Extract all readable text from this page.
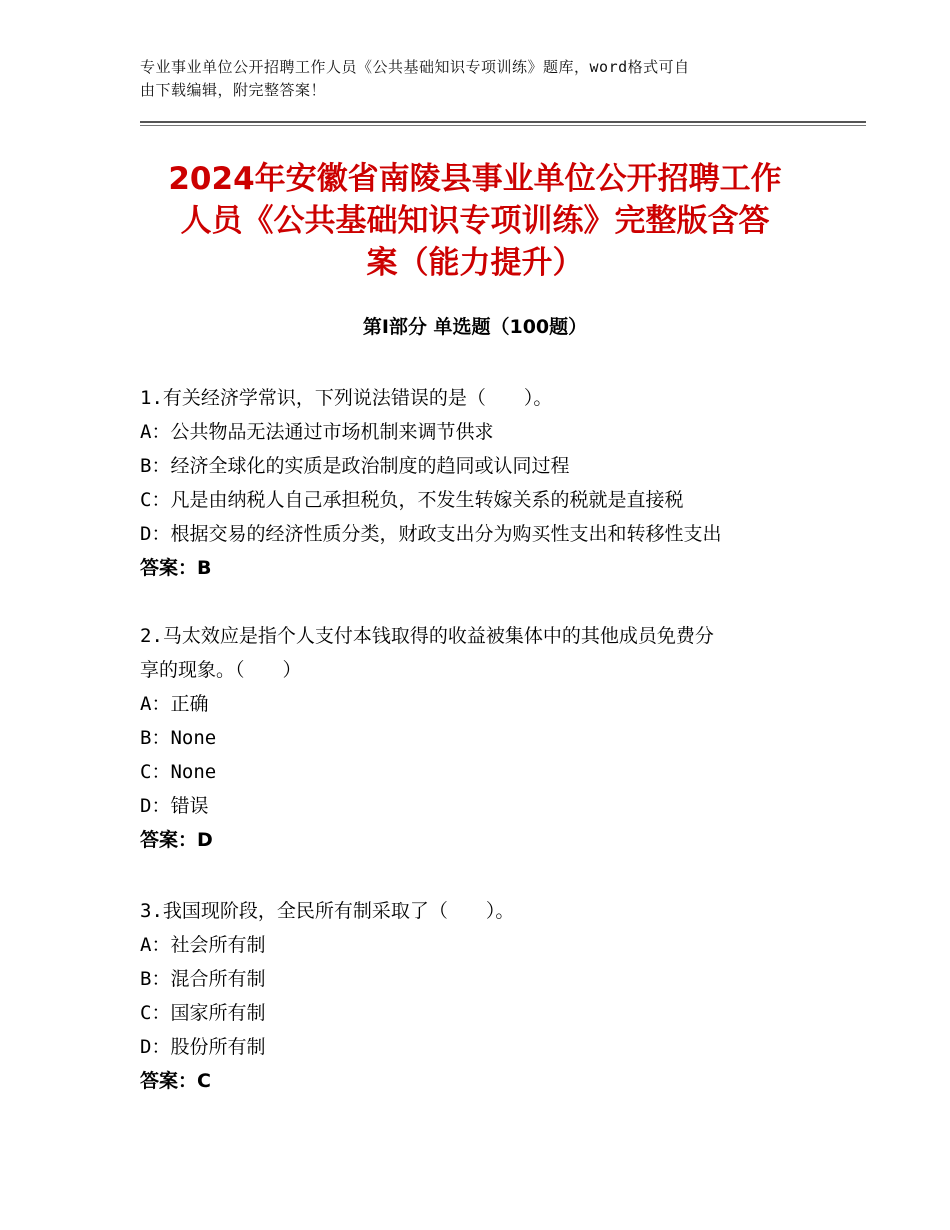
专业事业单位公开招聘工作人员《公共基础知识专项训练》题库，word格式可自
由下载编辑，附完整答案！
2024年安徽省南陵县事业单位公开招聘工作
人员《公共基础知识专项训练》完整版含答
案（能力提升）
第Ⅰ部分 单选题（100题）

1.有关经济学常识，下列说法错误的是（　　）。

A：公共物品无法通过市场机制来调节供求

B：经济全球化的实质是政治制度的趋同或认同过程

C：凡是由纳税人自己承担税负，不发生转嫁关系的税就是直接税

D：根据交易的经济性质分类，财政支出分为购买性支出和转移性支出

答案：B

2.马太效应是指个人支付本钱取得的收益被集体中的其他成员免费分

享的现象。（　　）

A：正确

B：None

C：None

D：错误

答案：D

3.我国现阶段，全民所有制采取了（　　）。

A：社会所有制

B：混合所有制

C：国家所有制

D：股份所有制

答案：C
